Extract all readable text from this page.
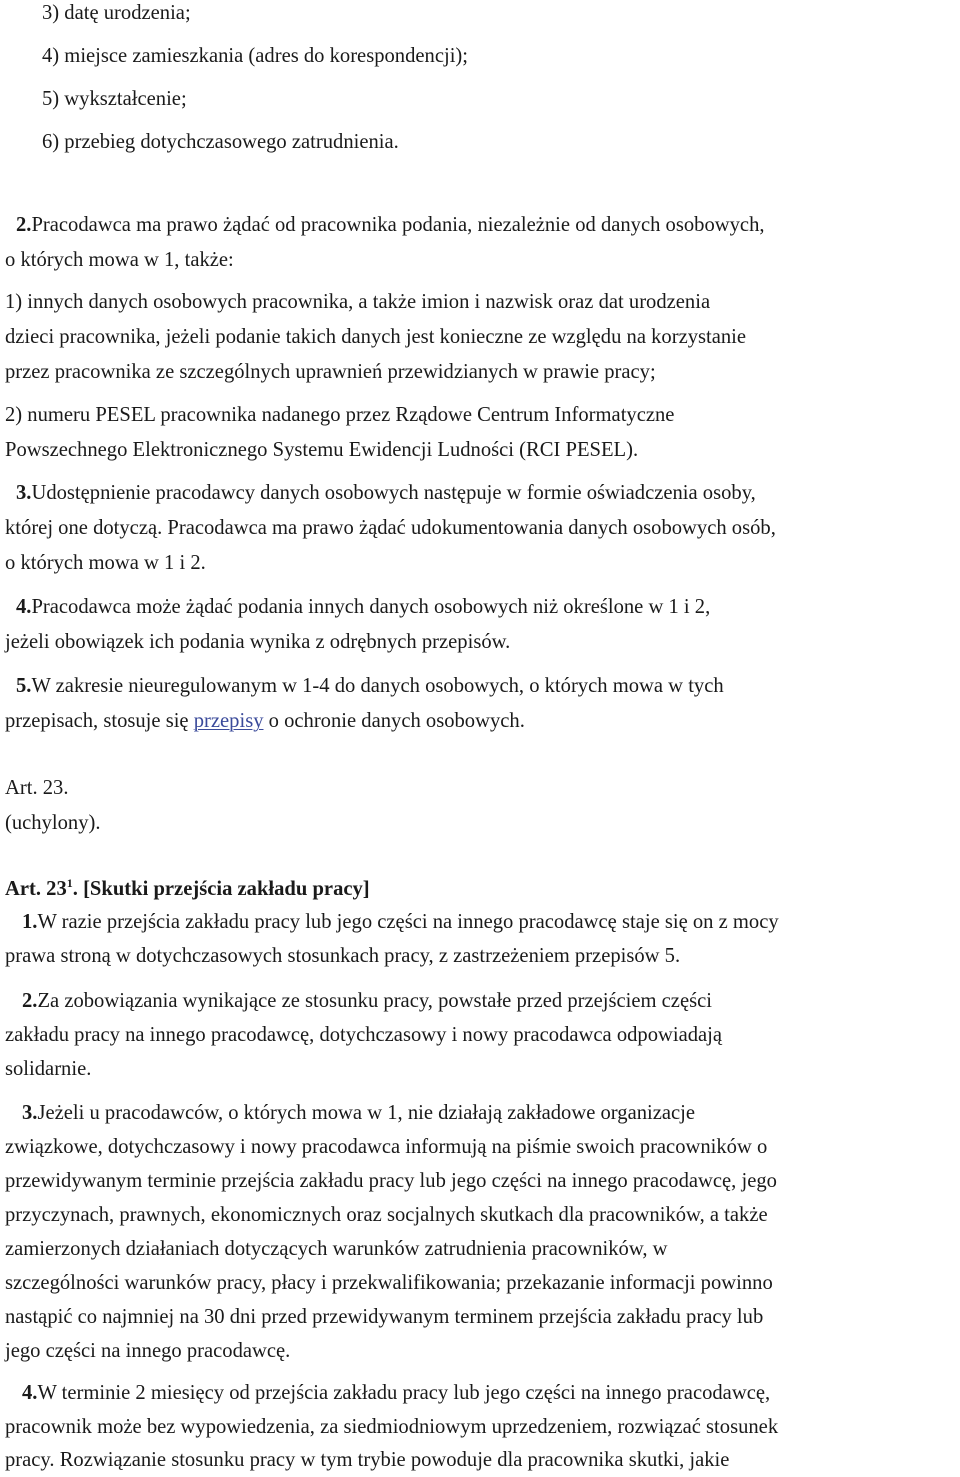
3) datę urodzenia;
4) miejsce zamieszkania (adres do korespondencji);
5) wykształcenie;
6) przebieg dotychczasowego zatrudnienia.
2.Pracodawca ma prawo żądać od pracownika podania, niezależnie od danych osobowych,
o których mowa w 1, także:
1) innych danych osobowych pracownika, a także imion i nazwisk oraz dat urodzenia
dzieci pracownika, jeżeli podanie takich danych jest konieczne ze względu na korzystanie
przez pracownika ze szczególnych uprawnień przewidzianych w prawie pracy;
2) numeru PESEL pracownika nadanego przez Rządowe Centrum Informatyczne
Powszechnego Elektronicznego Systemu Ewidencji Ludności (RCI PESEL).
3.Udostępnienie pracodawcy danych osobowych następuje w formie oświadczenia osoby,
której one dotyczą. Pracodawca ma prawo żądać udokumentowania danych osobowych osób,
o których mowa w 1 i 2.
4.Pracodawca może żądać podania innych danych osobowych niż określone w 1 i 2,
jeżeli obowiązek ich podania wynika z odrębnych przepisów.
5.W zakresie nieuregulowanym w 1-4 do danych osobowych, o których mowa w tych
przepisach, stosuje się przepisy o ochronie danych osobowych.
Art. 23.
(uchylony).
Art. $23^1$. [Skutki przejścia zakładu pracy]
1.W razie przejścia zakładu pracy lub jego części na innego pracodawcę staje się on z mocy
prawa stroną w dotychczasowych stosunkach pracy, z zastrzeżeniem przepisów 5.
2.Za zobowiązania wynikające ze stosunku pracy, powstałe przed przejściem części
zakładu pracy na innego pracodawcę, dotychczasowy i nowy pracodawca odpowiadają
solidarnie.
3.Jeżeli u pracodawców, o których mowa w 1, nie działają zakładowe organizacje
związkowe, dotychczasowy i nowy pracodawca informują na piśmie swoich pracowników o
przewidywanym terminie przejścia zakładu pracy lub jego części na innego pracodawcę, jego
przyczynach, prawnych, ekonomicznych oraz socjalnych skutkach dla pracowników, a także
zamierzonych działaniach dotyczących warunków zatrudnienia pracowników, w
szczególności warunków pracy, płacy i przekwalifikowania; przekazanie informacji powinno
nastąpić co najmniej na 30 dni przed przewidywanym terminem przejścia zakładu pracy lub
jego części na innego pracodawcę.
4.W terminie 2 miesięcy od przejścia zakładu pracy lub jego części na innego pracodawcę,
pracownik może bez wypowiedzenia, za siedmiodniowym uprzedzeniem, rozwiązać stosunek
pracy. Rozwiązanie stosunku pracy w tym trybie powoduje dla pracownika skutki, jakie
